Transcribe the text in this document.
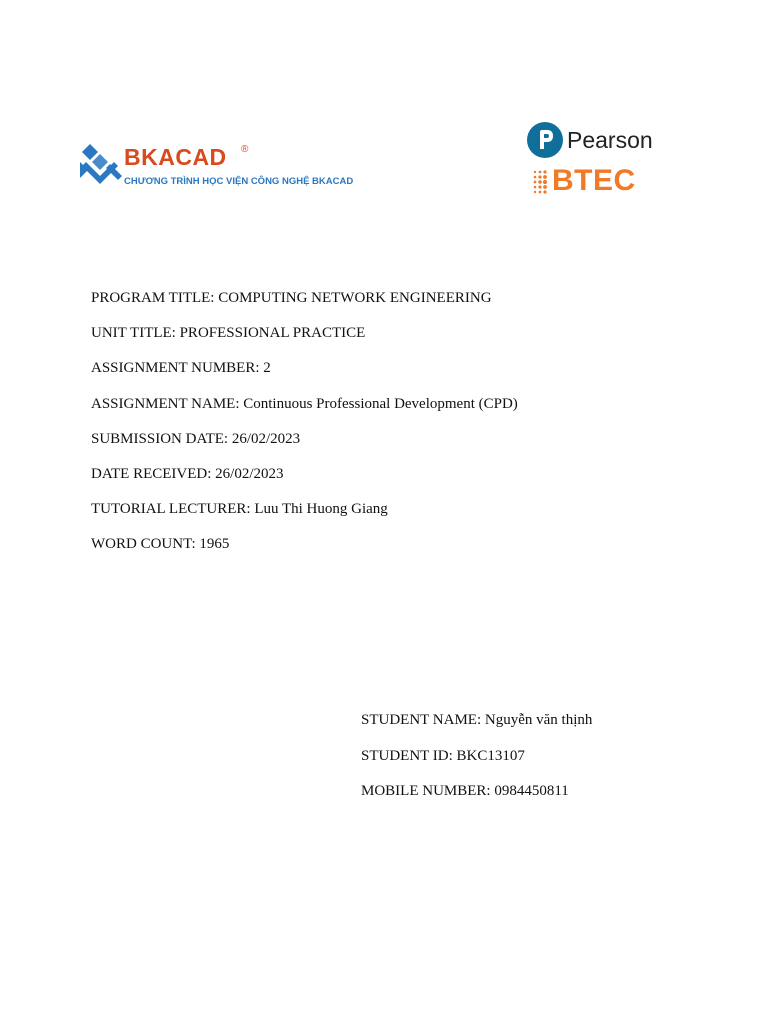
BKACAD ®
CHƯƠNG TRÌNH HỌC VIỆN CÔNG NGHỆ BKACAD
Pearson
BTEC
PROGRAM TITLE: COMPUTING NETWORK ENGINEERING
UNIT TITLE: PROFESSIONAL PRACTICE
ASSIGNMENT NUMBER: 2
ASSIGNMENT NAME: Continuous Professional Development (CPD)
SUBMISSION DATE: 26/02/2023
DATE RECEIVED: 26/02/2023
TUTORIAL LECTURER: Luu Thi Huong Giang
WORD COUNT: 1965
STUDENT NAME: Nguyễn văn thịnh
STUDENT ID: BKC13107
MOBILE NUMBER: 0984450811
